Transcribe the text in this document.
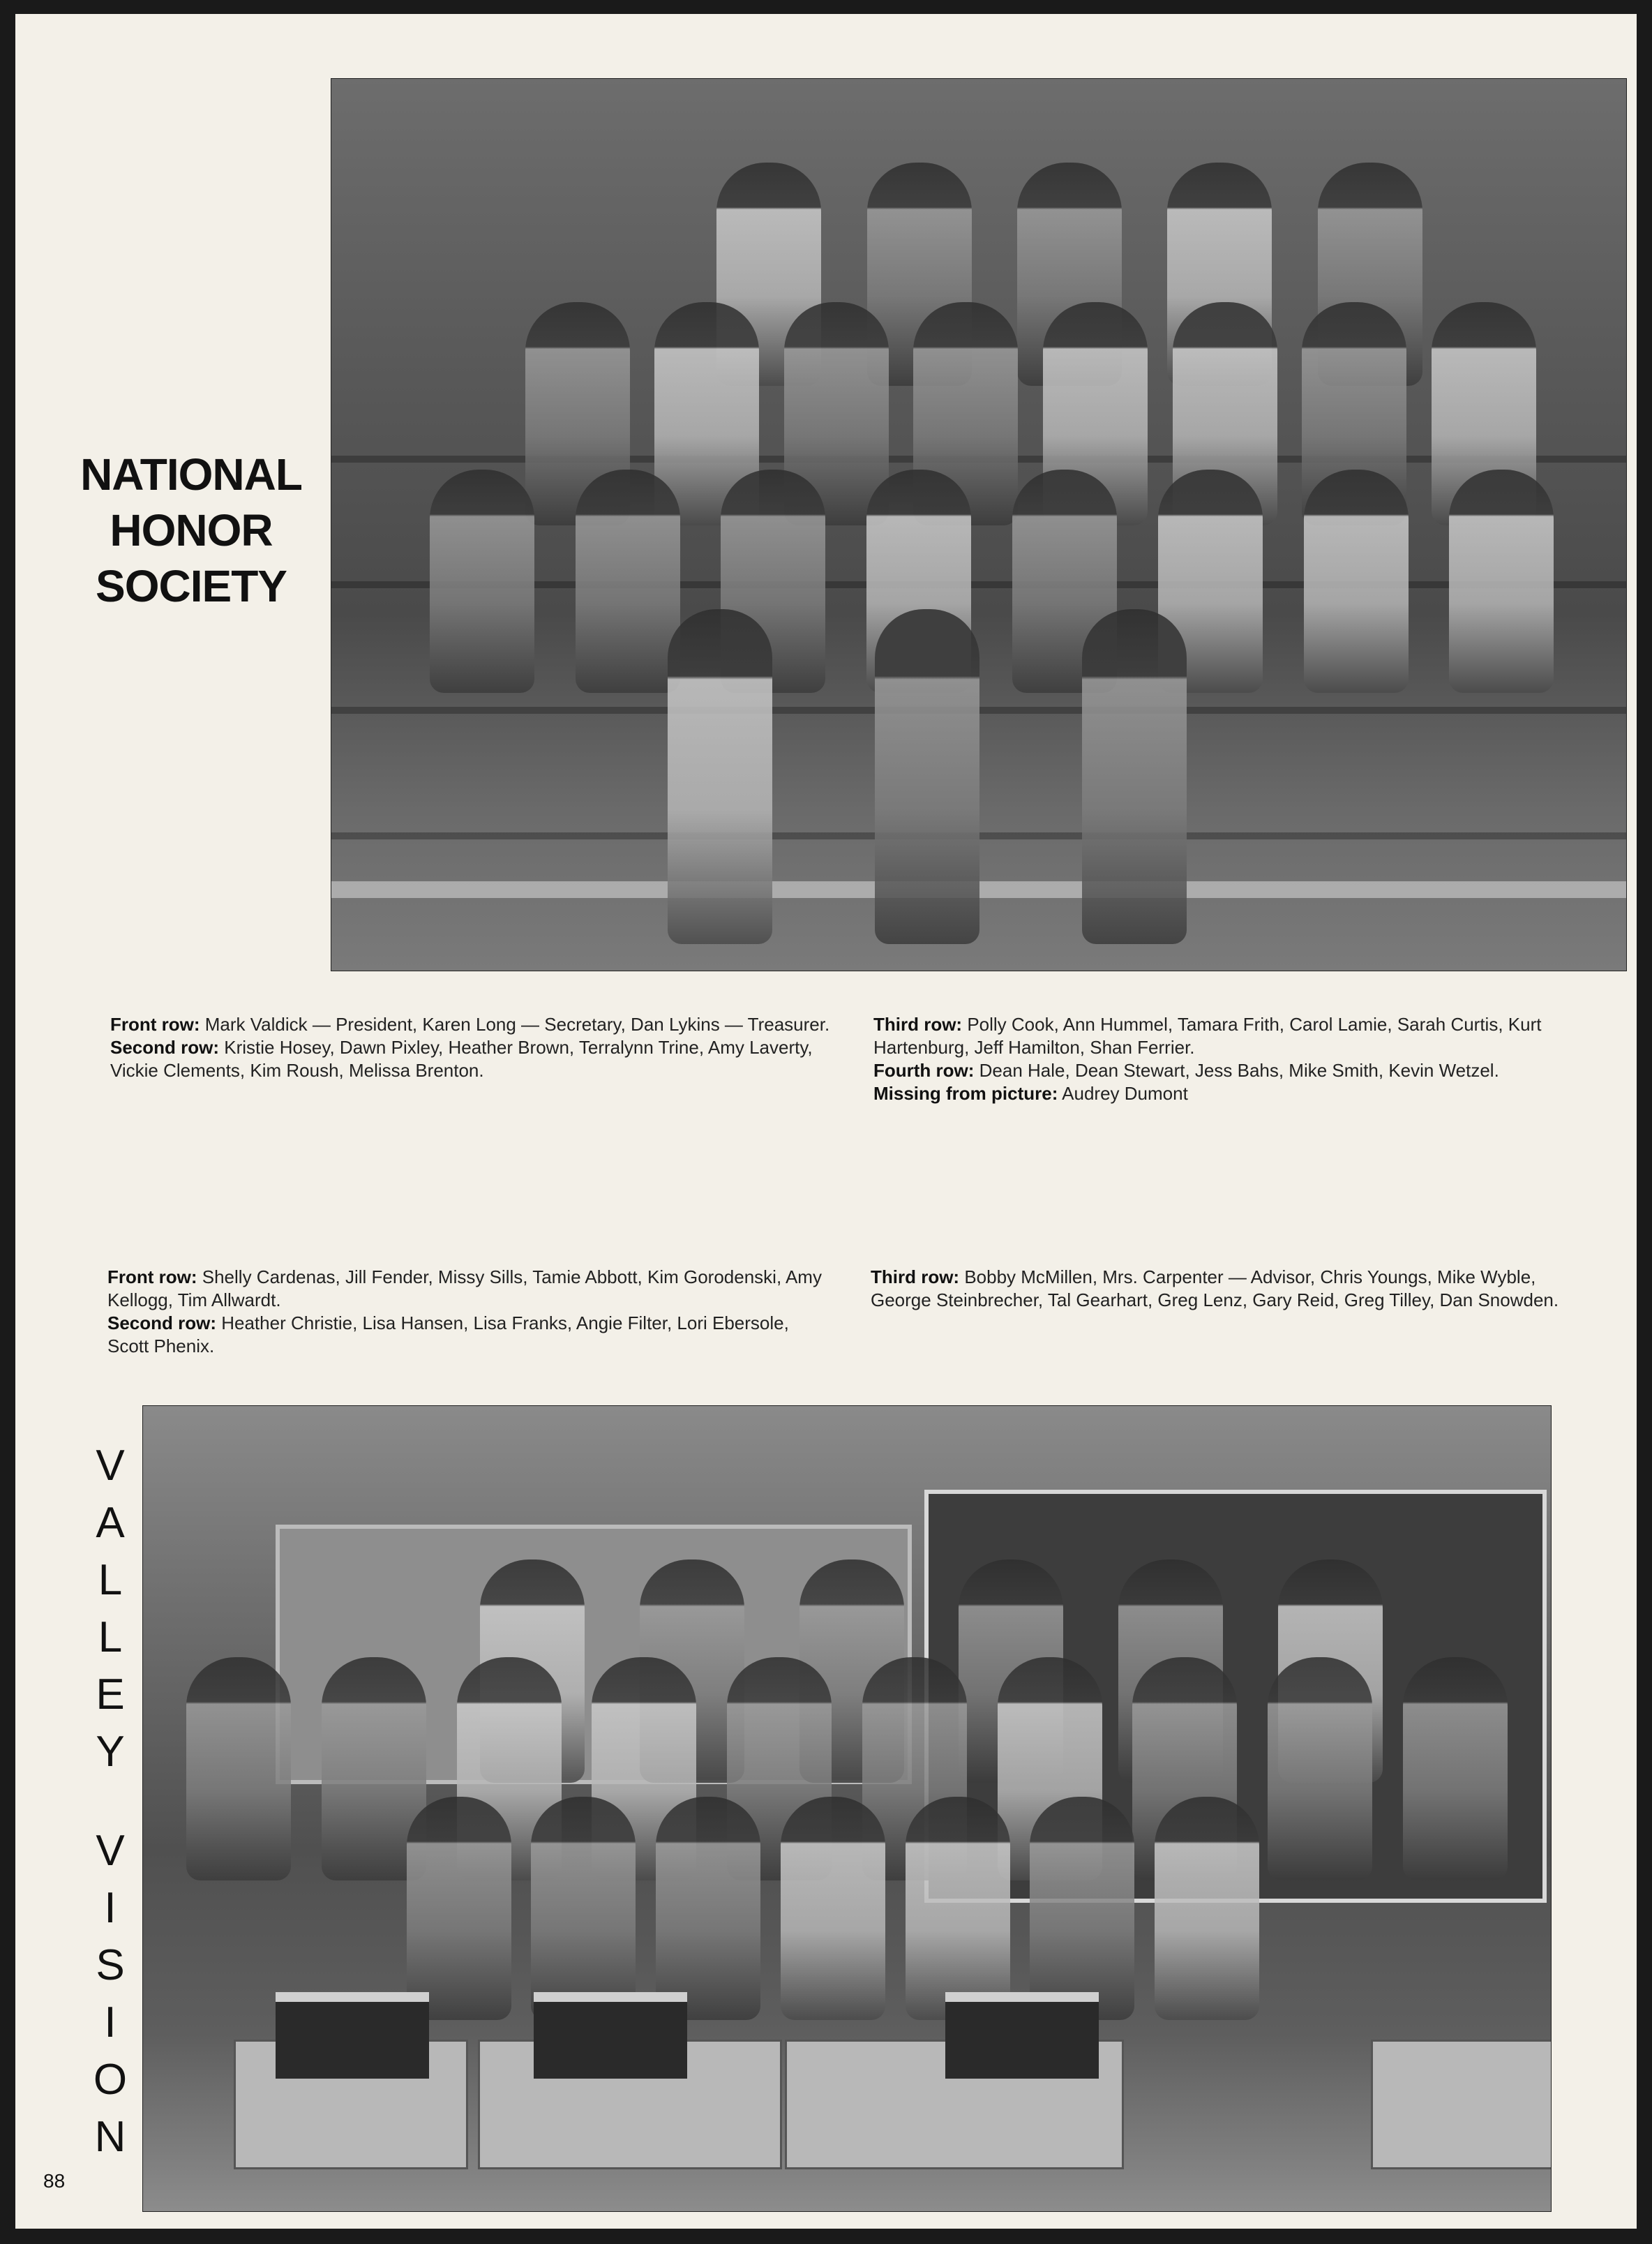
NATIONAL
HONOR
SOCIETY

Front row: Mark Valdick — President, Karen Long — Secretary, Dan Lykins — Treasurer.

Second row: Kristie Hosey, Dawn Pixley, Heather Brown, Terralynn Trine, Amy Laverty, Vickie Clements, Kim Roush, Melissa Brenton.

Third row: Polly Cook, Ann Hummel, Tamara Frith, Carol Lamie, Sarah Curtis, Kurt Hartenburg, Jeff Hamilton, Shan Ferrier.

Fourth row: Dean Hale, Dean Stewart, Jess Bahs, Mike Smith, Kevin Wetzel.

Missing from picture: Audrey Dumont

Front row: Shelly Cardenas, Jill Fender, Missy Sills, Tamie Abbott, Kim Gorodenski, Amy Kellogg, Tim Allwardt.

Second row: Heather Christie, Lisa Hansen, Lisa Franks, Angie Filter, Lori Ebersole, Scott Phenix.

Third row: Bobby McMillen, Mrs. Carpenter — Advisor, Chris Youngs, Mike Wyble, George Steinbrecher, Tal Gearhart, Greg Lenz, Gary Reid, Greg Tilley, Dan Snowden.

V
A
L
L
E
Y
V
I
S
I
O
N
88
